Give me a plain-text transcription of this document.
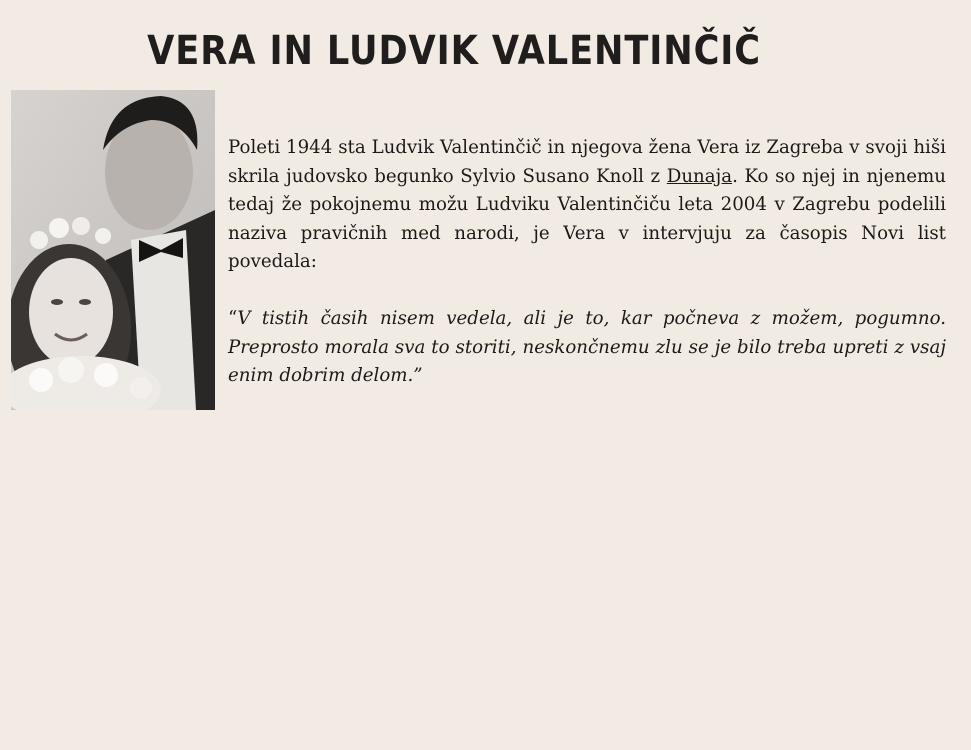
VERA IN LUDVIK VALENTINČIČ

Poleti 1944 sta Ludvik Valentinčič in njegova žena Vera iz Zagreba v svoji hiši skrila judovsko begunko Sylvio Susano Knoll z Dunaja. Ko so njej in njenemu tedaj že pokojnemu možu Ludviku Valentinčiču leta 2004 v Zagrebu podelili naziva pravičnih med narodi, je Vera v intervjuju za časopis Novi list povedala:

“V tistih časih nisem vedela, ali je to, kar počneva z možem, pogumno. Preprosto morala sva to storiti, neskončnemu zlu se je bilo treba upreti z vsaj enim dobrim delom.”
